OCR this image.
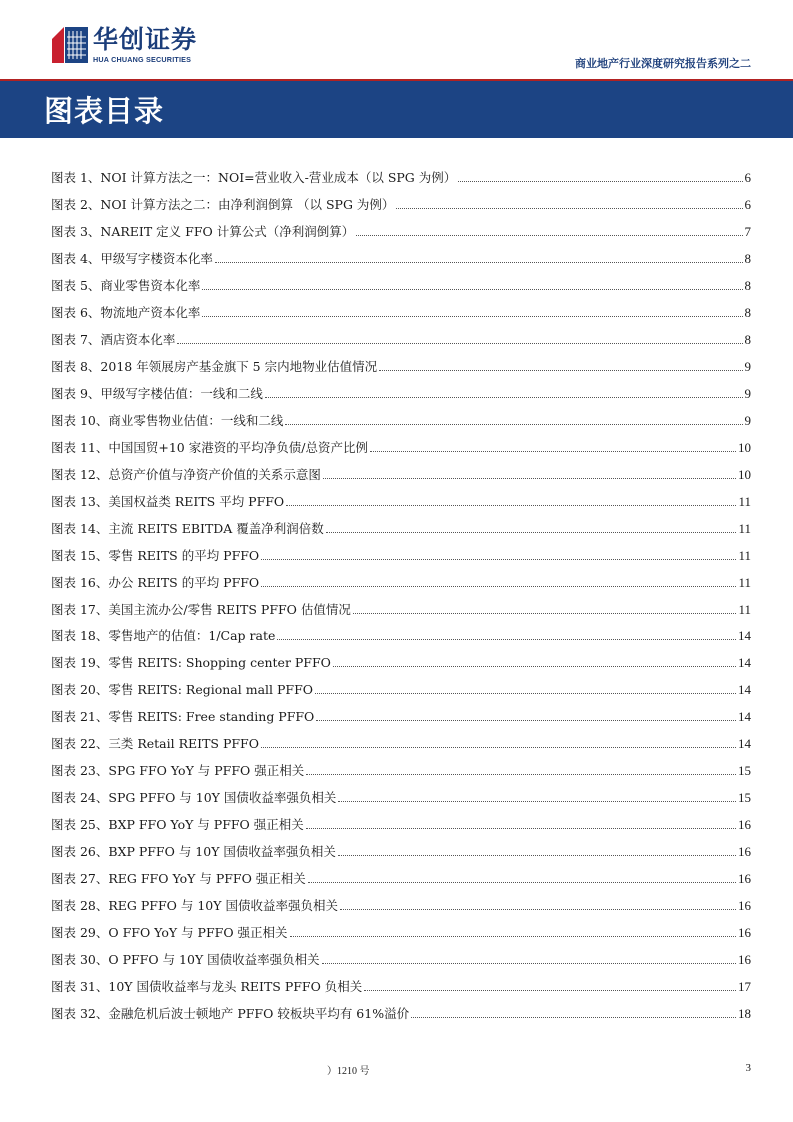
华创证券
HUA CHUANG SECURITIES	商业地产行业深度研究报告系列之二
图表目录
图表 1、NOI 计算方法之一：NOI=营业收入-营业成本（以 SPG 为例）	6
图表 2、NOI 计算方法之二：由净利润倒算 （以 SPG 为例）	6
图表 3、NAREIT 定义 FFO 计算公式（净利润倒算）	7
图表 4、甲级写字楼资本化率	8
图表 5、商业零售资本化率	8
图表 6、物流地产资本化率	8
图表 7、酒店资本化率	8
图表 8、2018 年领展房产基金旗下 5 宗内地物业估值情况	9
图表 9、甲级写字楼估值：一线和二线	9
图表 10、商业零售物业估值：一线和二线	9
图表 11、中国国贸+10 家港资的平均净负债/总资产比例	10
图表 12、总资产价值与净资产价值的关系示意图	10
图表 13、美国权益类 REITS 平均 PFFO	11
图表 14、主流 REITS EBITDA 覆盖净利润倍数	11
图表 15、零售 REITS 的平均 PFFO	11
图表 16、办公 REITS 的平均 PFFO	11
图表 17、美国主流办公/零售 REITS PFFO 估值情况	11
图表 18、零售地产的估值：1/Cap rate	14
图表 19、零售 REITS: Shopping center PFFO	14
图表 20、零售 REITS: Regional mall PFFO	14
图表 21、零售 REITS: Free standing PFFO	14
图表 22、三类 Retail REITS PFFO	14
图表 23、SPG FFO YoY 与 PFFO 强正相关	15
图表 24、SPG PFFO 与 10Y 国债收益率强负相关	15
图表 25、BXP FFO YoY 与 PFFO 强正相关	16
图表 26、BXP PFFO 与 10Y 国债收益率强负相关	16
图表 27、REG FFO YoY 与 PFFO 强正相关	16
图表 28、REG PFFO 与 10Y 国债收益率强负相关	16
图表 29、O FFO YoY 与 PFFO 强正相关	16
图表 30、O PFFO 与 10Y 国债收益率强负相关	16
图表 31、10Y 国债收益率与龙头 REITS PFFO 负相关	17
图表 32、金融危机后波士顿地产 PFFO 较板块平均有 61%溢价	18
）1210 号	3
